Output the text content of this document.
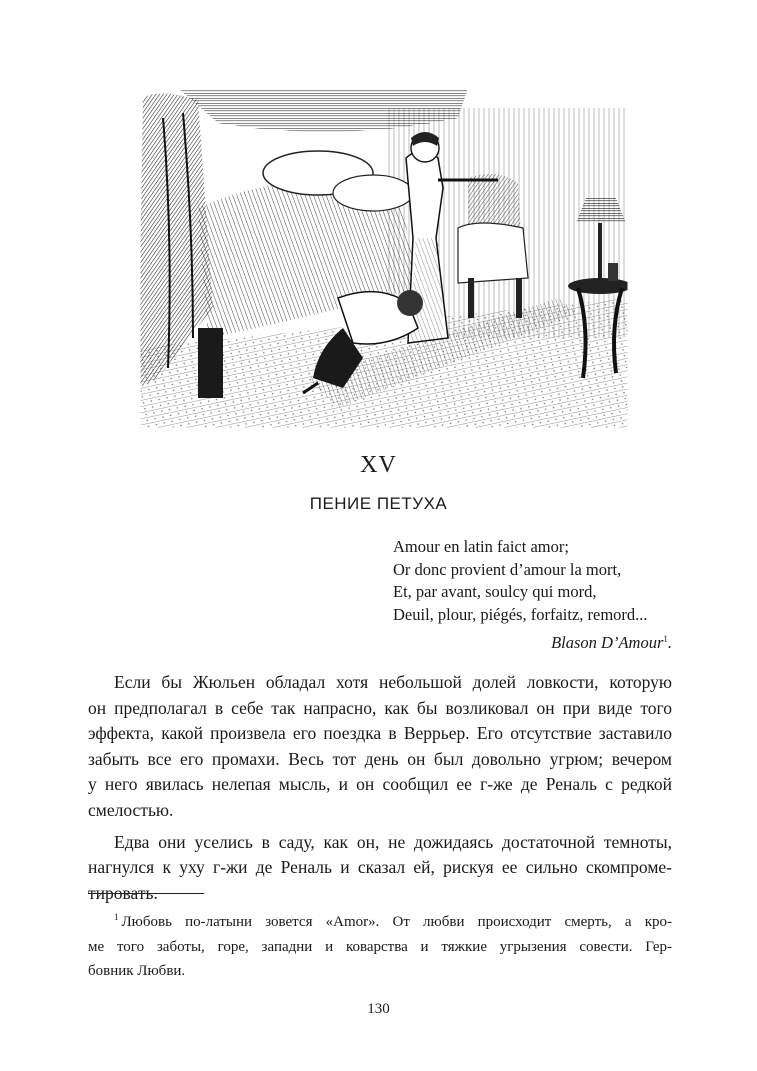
XV
ПЕНИЕ ПЕТУХА
Amour en latin faict amor;
Or donc provient d’amour la mort,
Et, par avant, soulcy qui mord,
Deuil, plour, piégés, forfaitz, remord...
Blason D’Amour$^1$.
Если бы Жюльен обладал хотя небольшой долей ловкости, которую
он предполагал в себе так напрасно, как бы возликовал он при виде того
эффекта, какой произвела его поездка в Веррьер. Его отсутствие заставило
забыть все его промахи. Весь тот день он был довольно угрюм; вечером
у него явилась нелепая мысль, и он сообщил ее г-же де Реналь с редкой
смелостью.
Едва они уселись в саду, как он, не дожидаясь достаточной темноты,
нагнулся к уху г-жи де Реналь и сказал ей, рискуя ее сильно скомпроме-
тировать.
$^1$ Любовь по-латыни зовется «Amor». От любви происходит смерть, а кро-
ме того заботы, горе, западни и коварства и тяжкие угрызения совести. Гер-
бовник Любви.
130
